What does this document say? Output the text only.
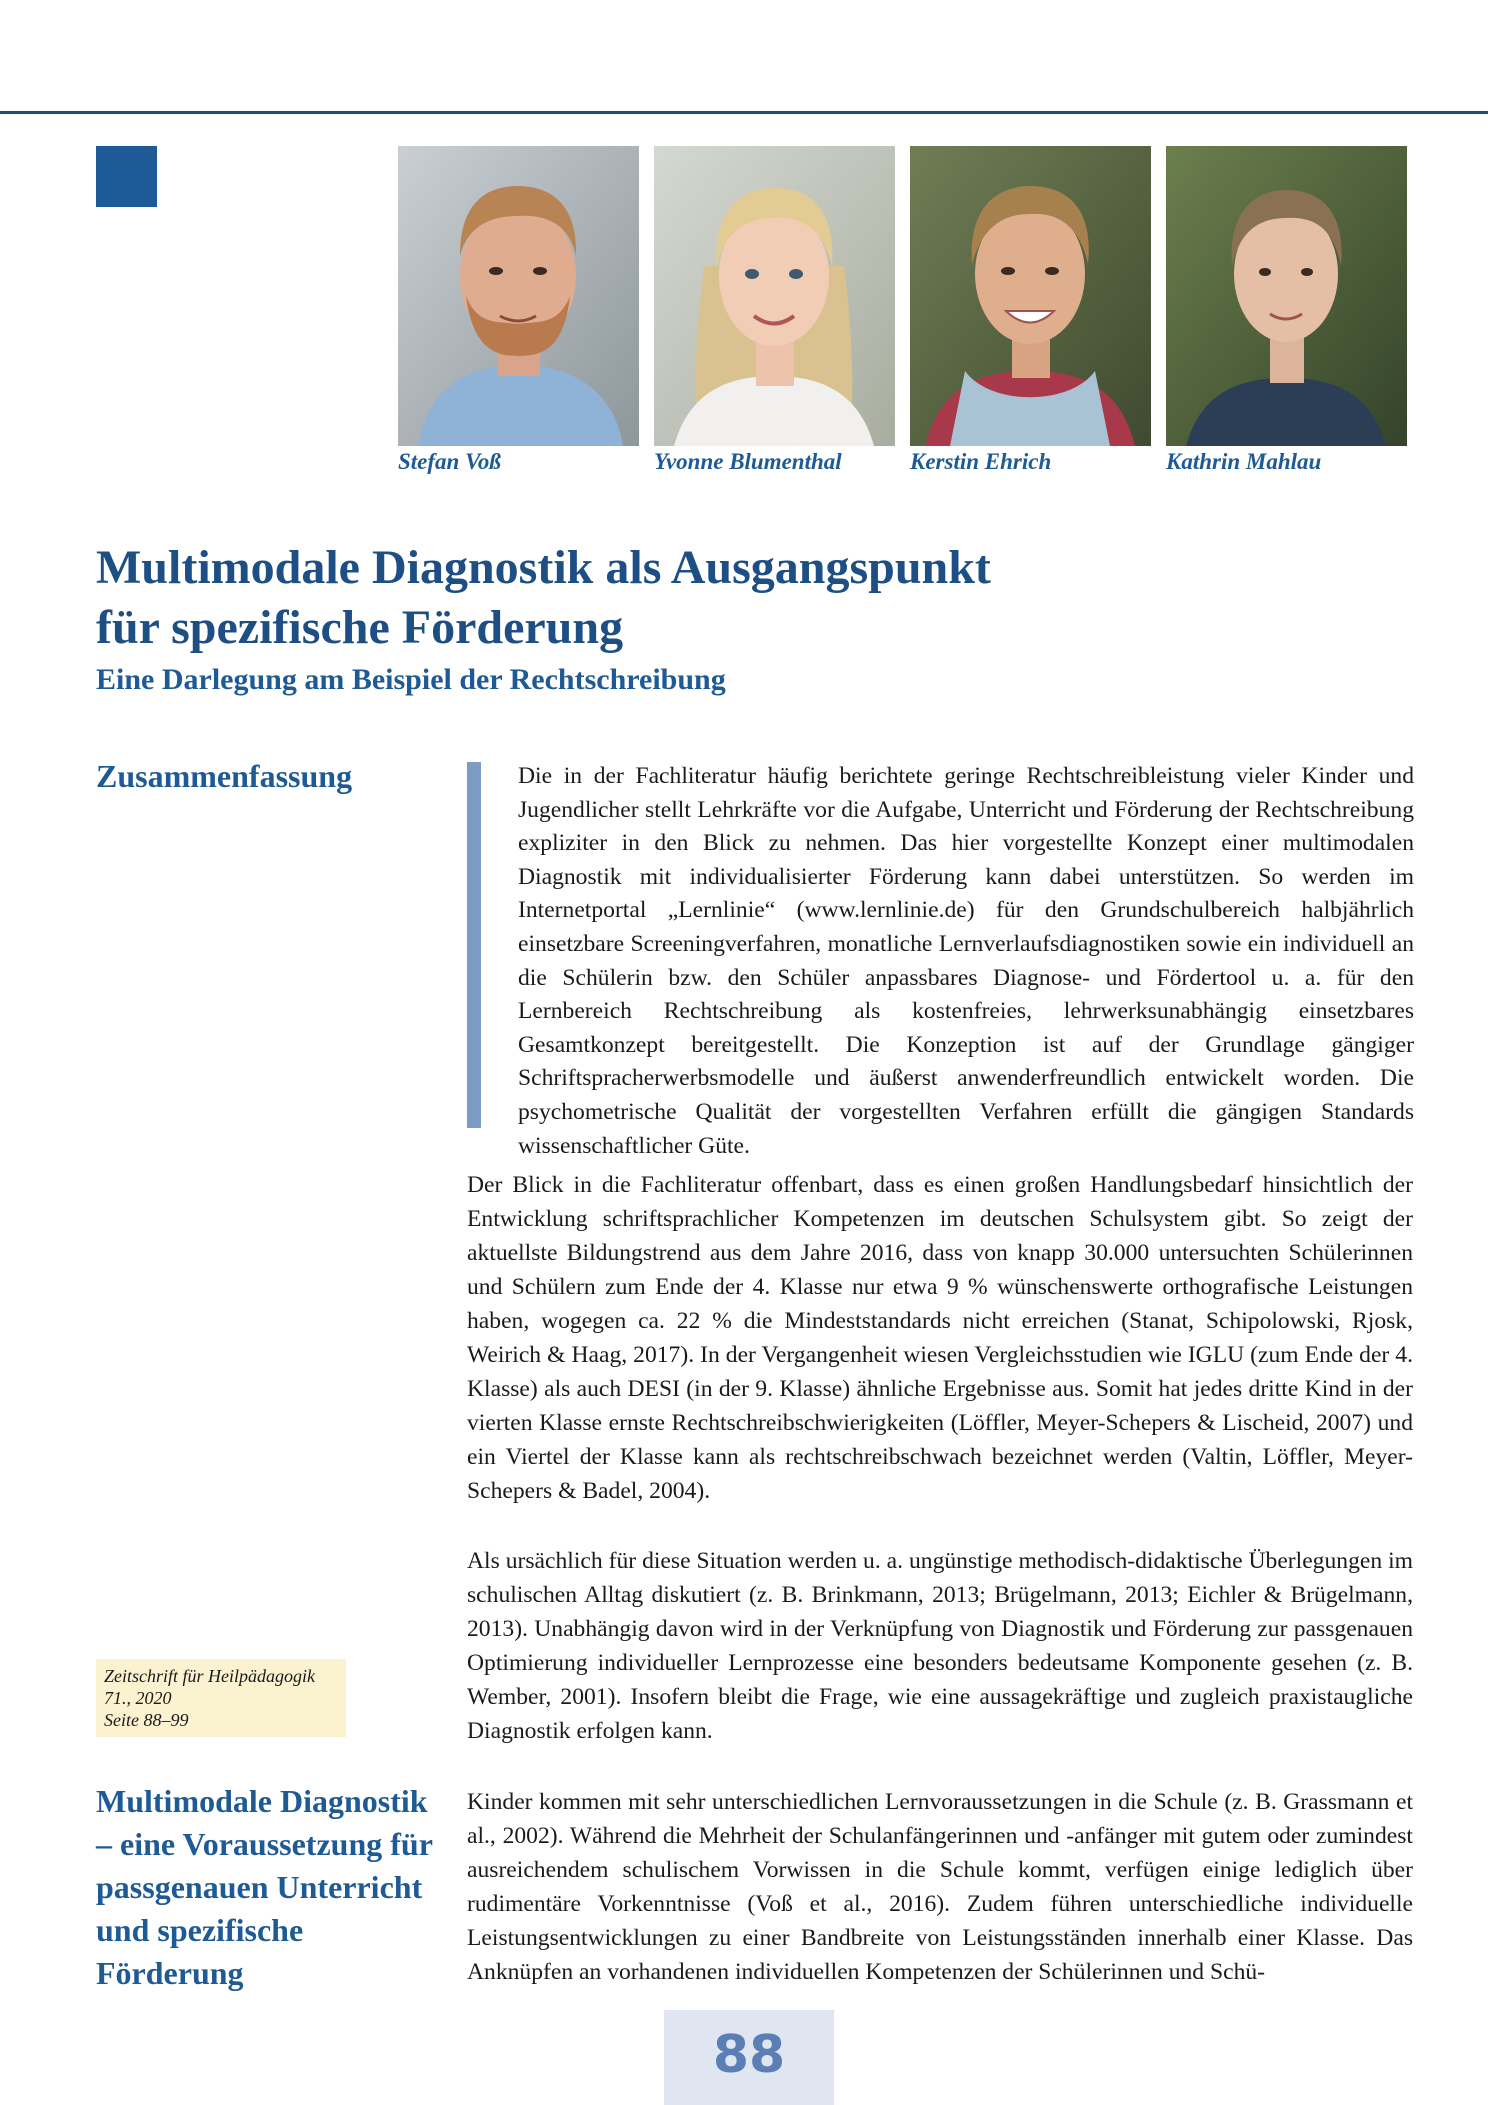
Stefan Voß	Yvonne Blumenthal	Kerstin Ehrich	Kathrin Mahlau
Multimodale Diagnostik als Ausgangspunkt
für spezifische Förderung
Eine Darlegung am Beispiel der Rechtschreibung
Zusammenfassung	Die in der Fachliteratur häufig berichtete geringe Rechtschreibleistung vieler Kinder und Jugendlicher stellt Lehrkräfte vor die Aufgabe, Unterricht und Förderung der Rechtschreibung expliziter in den Blick zu nehmen. Das hier vorgestellte Konzept einer multimodalen Diagnostik mit individualisierter Förderung kann dabei unterstützen. So werden im Internetportal „Lernlinie“ (www.lernlinie.de) für den Grundschulbereich halbjährlich einsetzbare Screeningverfahren, monatliche Lernverlaufsdiagnostiken sowie ein individuell an die Schülerin bzw. den Schüler anpassbares Diagnose- und Fördertool u. a. für den Lernbereich Rechtschreibung als kostenfreies, lehrwerksunabhängig einsetzbares Gesamtkonzept bereitgestellt. Die Konzeption ist auf der Grundlage gängiger Schriftspracherwerbsmodelle und äußerst anwenderfreundlich entwickelt worden. Die psychometrische Qualität der vorgestellten Verfahren erfüllt die gängigen Standards wissenschaftlicher Güte.

Der Blick in die Fachliteratur offenbart, dass es einen großen Handlungsbedarf hinsichtlich der Entwicklung schriftsprachlicher Kompetenzen im deutschen Schulsystem gibt. So zeigt der aktuellste Bildungstrend aus dem Jahre 2016, dass von knapp 30.000 untersuchten Schülerinnen und Schülern zum Ende der 4. Klasse nur etwa 9 % wünschenswerte orthografische Leistungen haben, wogegen ca. 22 % die Mindeststandards nicht erreichen (Stanat, Schipolowski, Rjosk, Weirich & Haag, 2017). In der Vergangenheit wiesen Vergleichsstudien wie IGLU (zum Ende der 4. Klasse) als auch DESI (in der 9. Klasse) ähnliche Ergebnisse aus. Somit hat jedes dritte Kind in der vierten Klasse ernste Rechtschreibschwierigkeiten (Löffler, Meyer-Schepers & Lischeid, 2007) und ein Viertel der Klasse kann als rechtschreibschwach bezeichnet werden (Valtin, Löffler, Meyer-Schepers & Badel, 2004).

Als ursächlich für diese Situation werden u. a. ungünstige methodisch-didaktische Überlegungen im schulischen Alltag diskutiert (z. B. Brinkmann, 2013; Brügelmann, 2013; Eichler & Brügelmann, 2013). Unabhängig davon wird in der Verknüpfung von Diagnostik und Förderung zur passgenauen Optimierung individueller Lernprozesse eine besonders bedeutsame Komponente gesehen (z. B. Wember, 2001). Insofern bleibt die Frage, wie eine aussagekräftige und zugleich praxistaugliche Diagnostik erfolgen kann.

Kinder kommen mit sehr unterschiedlichen Lernvoraussetzungen in die Schule (z. B. Grassmann et al., 2002). Während die Mehrheit der Schulanfängerinnen und -anfänger mit gutem oder zumindest ausreichendem schulischem Vorwissen in die Schule kommt, verfügen einige lediglich über rudimentäre Vorkenntnisse (Voß et al., 2016). Zudem führen unterschiedliche individuelle Leistungsentwicklungen zu einer Bandbreite von Leistungsständen innerhalb einer Klasse. Das Anknüpfen an vorhandenen individuellen Kompetenzen der Schülerinnen und Schü-

Zeitschrift für Heilpädagogik
71., 2020
Seite 88–99
Multimodale Diagnostik
– eine Voraussetzung für
passgenauen Unterricht
und spezifische
Förderung
88
